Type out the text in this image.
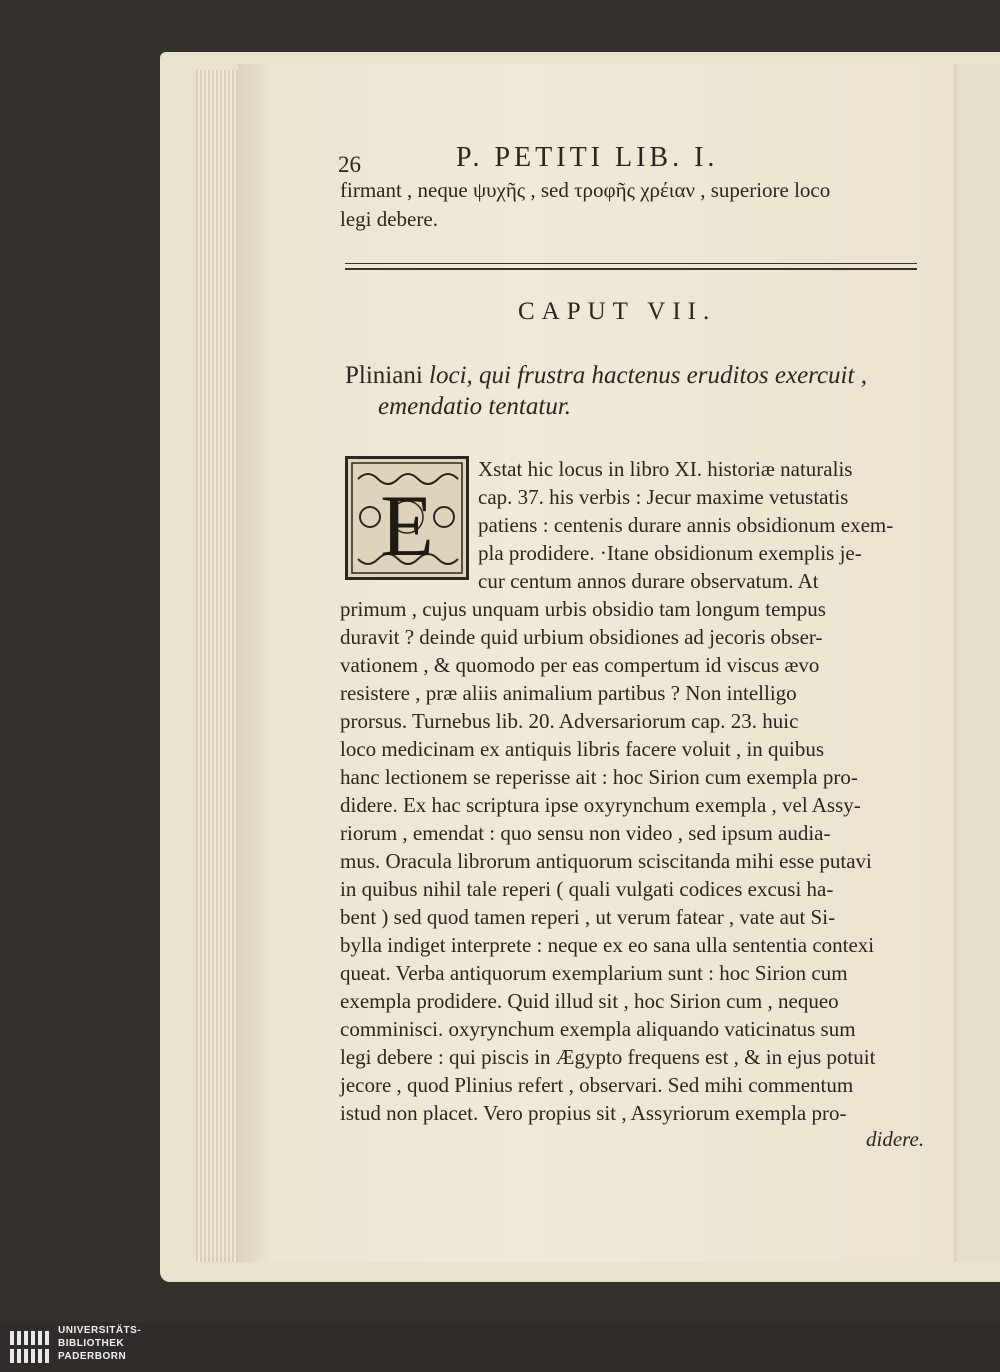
26	P. PETITI LIB. I.
firmant , neque ψυχῆς , sed τροφῆς χρέιαν , superiore loco
legi debere.
CAPUT VII.
Pliniani loci, qui frustra hactenus eruditos exercuit ,
emendatio tentatur.
E
Xstat hic locus in libro XI. historiæ naturalis
cap. 37. his verbis : Jecur maxime vetustatis
patiens : centenis durare annis obsidionum exem-
pla prodidere. ·Itane obsidionum exemplis je-
cur centum annos durare observatum. At
primum , cujus unquam urbis obsidio tam longum tempus
duravit ? deinde quid urbium obsidiones ad jecoris obser-
vationem , & quomodo per eas compertum id viscus ævo
resistere , præ aliis animalium partibus ? Non intelligo
prorsus. Turnebus lib. 20. Adversariorum cap. 23. huic
loco medicinam ex antiquis libris facere voluit , in quibus
hanc lectionem se reperisse ait : hoc Sirion cum exempla pro-
didere. Ex hac scriptura ipse oxyrynchum exempla , vel Assy-
riorum , emendat : quo sensu non video , sed ipsum audia-
mus. Oracula librorum antiquorum sciscitanda mihi esse putavi
in quibus nihil tale reperi ( quali vulgati codices excusi ha-
bent ) sed quod tamen reperi , ut verum fatear , vate aut Si-
bylla indiget interprete : neque ex eo sana ulla sententia contexi
queat. Verba antiquorum exemplarium sunt : hoc Sirion cum
exempla prodidere. Quid illud sit , hoc Sirion cum , nequeo
comminisci. oxyrynchum exempla aliquando vaticinatus sum
legi debere : qui piscis in Ægypto frequens est , & in ejus potuit
jecore , quod Plinius refert , observari. Sed mihi commentum
istud non placet. Vero propius sit , Assyriorum exempla pro-
didere.
UNIVERSITÄTS-
BIBLIOTHEK
PADERBORN
